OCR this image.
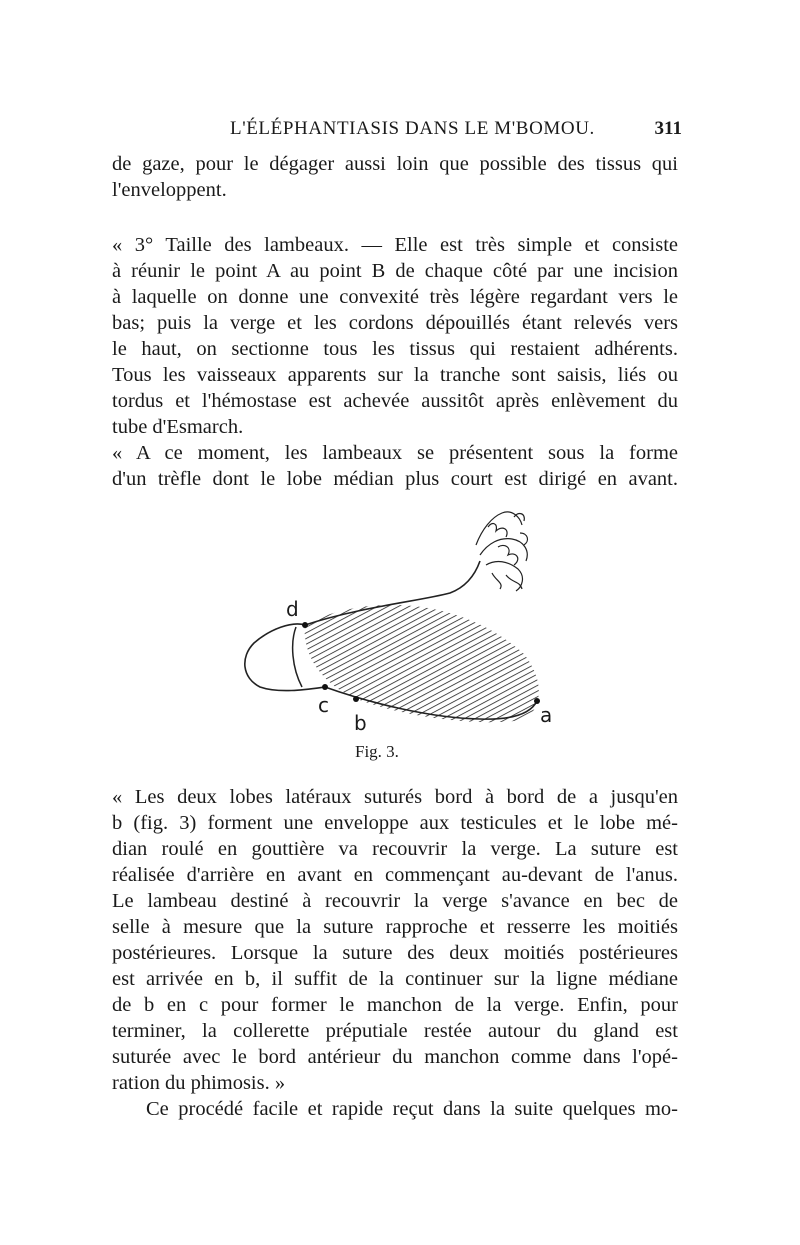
L'ÉLÉPHANTIASIS DANS LE M'BOMOU.	311
de gaze, pour le dégager aussi loin que possible des tissus qui
l'enveloppent.
« 3° Taille des lambeaux. — Elle est très simple et consiste
à réunir le point A au point B de chaque côté par une incision
à laquelle on donne une convexité très légère regardant vers le
bas; puis la verge et les cordons dépouillés étant relevés vers
le haut, on sectionne tous les tissus qui restaient adhérents.
Tous les vaisseaux apparents sur la tranche sont saisis, liés ou
tordus et l'hémostase est achevée aussitôt après enlèvement du
tube d'Esmarch.
« A ce moment, les lambeaux se présentent sous la forme
d'un trèfle dont le lobe médian plus court est dirigé en avant.
d
c
b	a
Fig. 3.
« Les deux lobes latéraux suturés bord à bord de a jusqu'en
b (fig. 3) forment une enveloppe aux testicules et le lobe mé-
dian roulé en gouttière va recouvrir la verge. La suture est
réalisée d'arrière en avant en commençant au-devant de l'anus.
Le lambeau destiné à recouvrir la verge s'avance en bec de
selle à mesure que la suture rapproche et resserre les moitiés
postérieures. Lorsque la suture des deux moitiés postérieures
est arrivée en b, il suffit de la continuer sur la ligne médiane
de b en c pour former le manchon de la verge. Enfin, pour
terminer, la collerette préputiale restée autour du gland est
suturée avec le bord antérieur du manchon comme dans l'opé-
ration du phimosis. »
Ce procédé facile et rapide reçut dans la suite quelques mo-
